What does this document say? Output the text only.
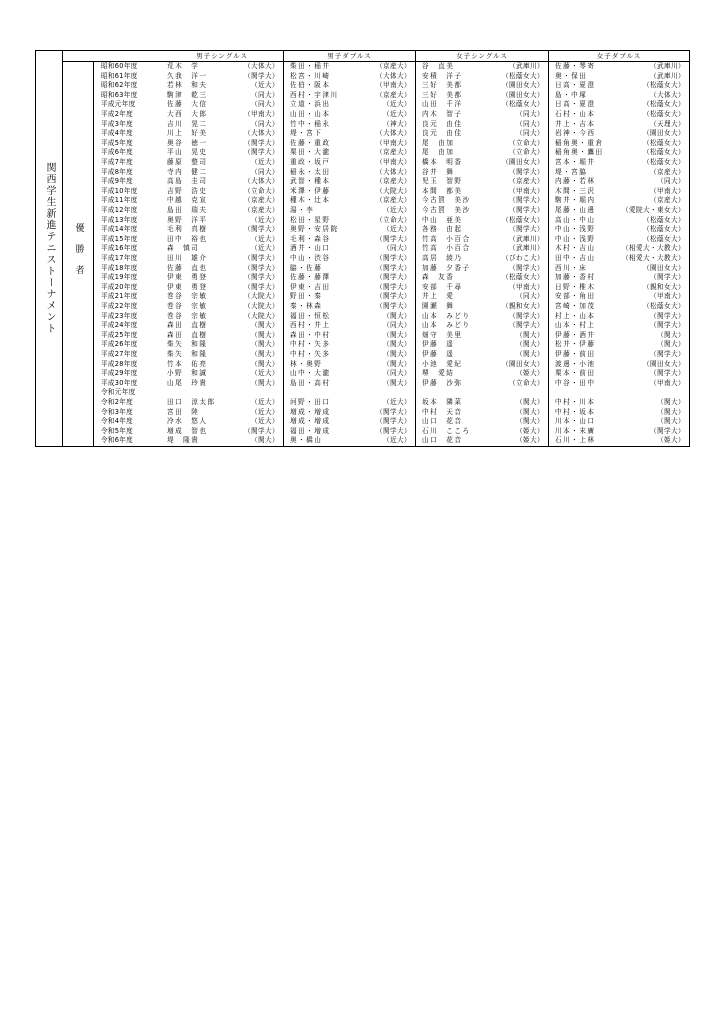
関西学生新進テニストーナメント
男子シングルス	男子ダブルス	女子シングルス	女子ダブルス
優勝者
昭和60年度	荒木　学	（大体大） 柴田・稲井	（京産大） 谷　直美	（武庫川） 佐藤・琴寄	（武庫川）
昭和61年度	久我　洋一	（関学大） 松宮・川崎	（大体大） 安積　洋子	（松蔭女大） 奥・保田	（武庫川）
昭和62年度	若林　和夫	（近大） 佐伯・阪本	（甲南大） 三好　美都	（園田女大） 日高・夏澄	（松蔭女大）
昭和63年度	駒津　乾三	（同大） 西村・宇津川	（京産大） 三好　美都	（園田女大） 島・中塚	（大体大）
平成元年度	佐藤　大信	（同大） 立道・浜出	（近大） 山田　千洋	（松蔭女大） 日高・夏澄	（松蔭女大）
平成2年度	大西　大郎	（甲南大） 山田・山本	（近大） 内木　智子	（同大） 石村・山本	（松蔭女大）
平成3年度	吉川　晃二	（同大） 竹中・稲永	（神大） 良元　由佳	（同大） 井上・吉本	（天理大）
平成4年度	川上　好美	（大体大） 堤・宮下	（大体大） 良元　由佳	（同大） 岩神・今西	（園田女大）
平成5年度	奥谷　徳一	（関学大） 佐藤・重政	（甲南大） 尾　由加	（立命大） 稲角奥・重倉	（松蔭女大）
平成6年度	平山　晃史	（関学大） 栗田・大瀧	（京産大） 尾　由加	（立命大） 稲角奥・鷹田	（松蔭女大）
平成7年度	藤原　整司	（近大） 重政・坂戸	（甲南大） 橋本　明香	（園田女大） 宮本・堀井	（松蔭女大）
平成8年度	寺内　健二	（同大） 稲永・太田	（大体大） 谷井　舞	（関学大） 堤・宮脇	（京産大）
平成9年度	高島　圭司	（大体大） 武智・種本	（京産大） 児玉　智野	（京産大） 内藤・若林	（同大）
平成10年度	吉野　浩史	（立命大） 米澤・伊藤	（大院大） 本間　都美	（甲南大） 木間・三沢	（甲南大）
平成11年度	中越　克宣	（京産大） 種木・辻本	（京産大） 今古賀　美沙	（関学大） 駒井・堀内	（京産大）
平成12年度	島田　瑞夫	（京産大） 湯・李	（近大） 今古賀　美沙	（関学大） 尾藤・山邊	（愛院大・東女大）
平成13年度	奥野　洋平	（近大） 松田・星野	（立命大） 中山　亜美	（松蔭女大） 高山・中山	（松蔭女大）
平成14年度	毛利　真樹	（関学大） 奥野・安居院	（近大） 各務　由起	（関学大） 中山・浅野	（松蔭女大）
平成15年度	田中　裕也	（近大） 毛利・森谷	（関学大） 竹高　小百合	（武庫川） 中山・浅野	（松蔭女大）
平成16年度	森　慎司	（近大） 酒井・山口	（同大） 竹高　小百合	（武庫川） 木村・吉山	（相愛大・大教大）
平成17年度	田川　雄介	（関学大） 中山・渋谷	（関学大） 高居　綾乃	（びわこ大） 田中・吉山	（相愛大・大教大）
平成18年度	佐藤　直也	（関学大） 脇・佐藤	（関学大） 加藤　夕香子	（関学大） 西川・床	（園田女大）
平成19年度	伊東　勇登	（関学大） 佐藤・藤澤	（関学大） 森　友香	（松蔭女大） 加藤・香村	（関学大）
平成20年度	伊東　勇登	（関学大） 伊東・吉田	（関学大） 安部　千尋	（甲南大） 日野・椎木	（親和女大）
平成21年度	巻谷　宗敏	（大院大） 野田・秦	（関学大） 井上　愛	（同大） 安部・角田	（甲南大）
平成22年度	巻谷　宗敏	（大院大） 秦・林森	（関学大） 園瀬　舞	（親和女大） 宮崎・加茂	（松蔭女大）
平成23年度	巻谷　宗敏	（大院大） 福田・恒松	（関大） 山本　みどり	（関学大） 村上・山本	（関学大）
平成24年度	森田　直樹	（関大） 西村・井上	（同大） 山本　みどり	（関学大） 山本・村上	（関学大）
平成25年度	森田　直樹	（関大） 森田・中村	（関大） 畑守　美里	（関大） 伊藤・酒井	（関大）
平成26年度	柴矢　和隆	（関大） 中村・矢多	（関大） 伊藤　遥	（関大） 松井・伊藤	（関大）
平成27年度	柴矢　和隆	（関大） 中村・矢多	（関大） 伊藤　遥	（関大） 伊藤・前田	（関学大）
平成28年度	竹本　佑亮	（関大） 林・奥野	（関大） 小池　愛紀	（園田女大） 渡邊・小池	（園田女大）
平成29年度	小野　和誠	（近大） 山中・大瀧	（同大） 堺　愛結	（姫大） 栗本・前田	（関学大）
平成30年度	山尾　玲貴	（関大） 島田・高村	（関大） 伊藤　沙弥	（立命大） 中谷・田中	（甲南大）
令和元年度
令和2年度	田口　涼太郎	（近大） 河野・田口	（近大） 坂本　隣菜	（関大） 中村・川本	（関大）
令和3年度	宮田　陸	（近大） 増成・増成	（関学大） 中村　天音	（関大） 中村・坂本	（関大）
令和4年度	冷水　悠人	（近大） 増成・増成	（関学大） 山口　花音	（関大） 川本・山口	（関大）
令和5年度	増成　智也	（関学大） 福田・増成	（関学大） 石川　こころ	（姫大） 川本・末廣	（関学大）
令和6年度	堤　隆貴	（関大） 奥・橋山	（近大） 山口　花音	（姫大） 石川・上林	（姫大）
